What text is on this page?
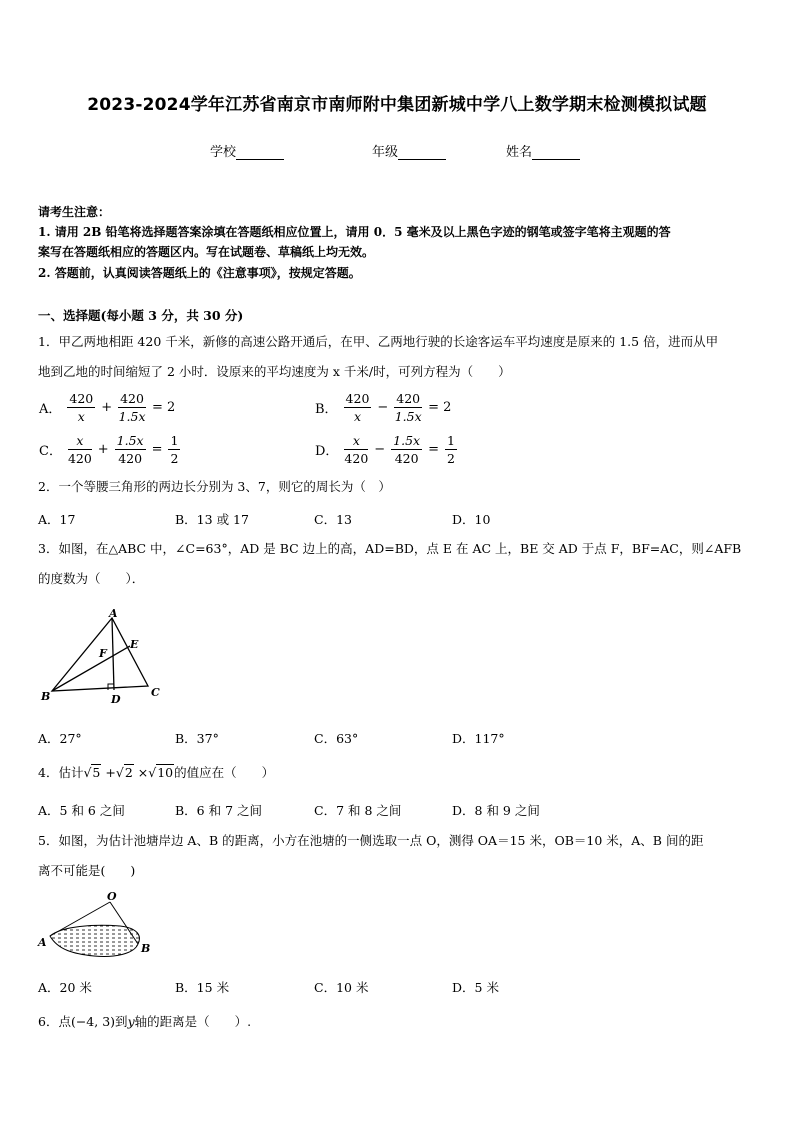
2023-2024学年江苏省南京市南师附中集团新城中学八上数学期末检测模拟试题
学校	年级	姓名
请考生注意：
1. 请用 2B 铅笔将选择题答案涂填在答题纸相应位置上，请用 0．5 毫米及以上黑色字迹的钢笔或签字笔将主观题的答
案写在答题纸相应的答题区内。写在试题卷、草稿纸上均无效。
2. 答题前，认真阅读答题纸上的《注意事项》，按规定答题。
一、选择题(每小题 3 分，共 30 分)
1．甲乙两地相距 420 千米，新修的高速公路开通后，在甲、乙两地行驶的长途客运车平均速度是原来的 1.5 倍，进而从甲
地到乙地的时间缩短了 2 小时．设原来的平均速度为 x 千米/时，可列方程为（　　）
A． $\frac{420}{x} + \frac{420}{1.5x} = 2$	B． $\frac{420}{x} - \frac{420}{1.5x} = 2$
C． $\frac{x}{420} + \frac{1.5x}{420} = \frac{1}{2}$	D． $\frac{x}{420} - \frac{1.5x}{420} = \frac{1}{2}$
2．一个等腰三角形的两边长分别为 3、7，则它的周长为（　）
A．17	B．13 或 17	C．13	D．10
3．如图，在△ABC 中，∠C=63°，AD 是 BC 边上的高，AD=BD，点 E 在 AC 上，BE 交 AD 于点 F，BF=AC，则∠AFB
的度数为（　　）．
A
B	C
D
E
F
A．27°	B．37°	C．63°	D．117°
4．估计√5 +√2 ×√10的值应在（　　）
A．5 和 6 之间	B．6 和 7 之间	C．7 和 8 之间	D．8 和 9 之间
5．如图，为估计池塘岸边 A、B 的距离，小方在池塘的一侧选取一点 O，测得 OA＝15 米，OB＝10 米，A、B 间的距
离不可能是(　　)
O
A	B
A．20 米	B．15 米	C．10 米	D．5 米
6．点(−4, 3)到y轴的距离是（　　）.
